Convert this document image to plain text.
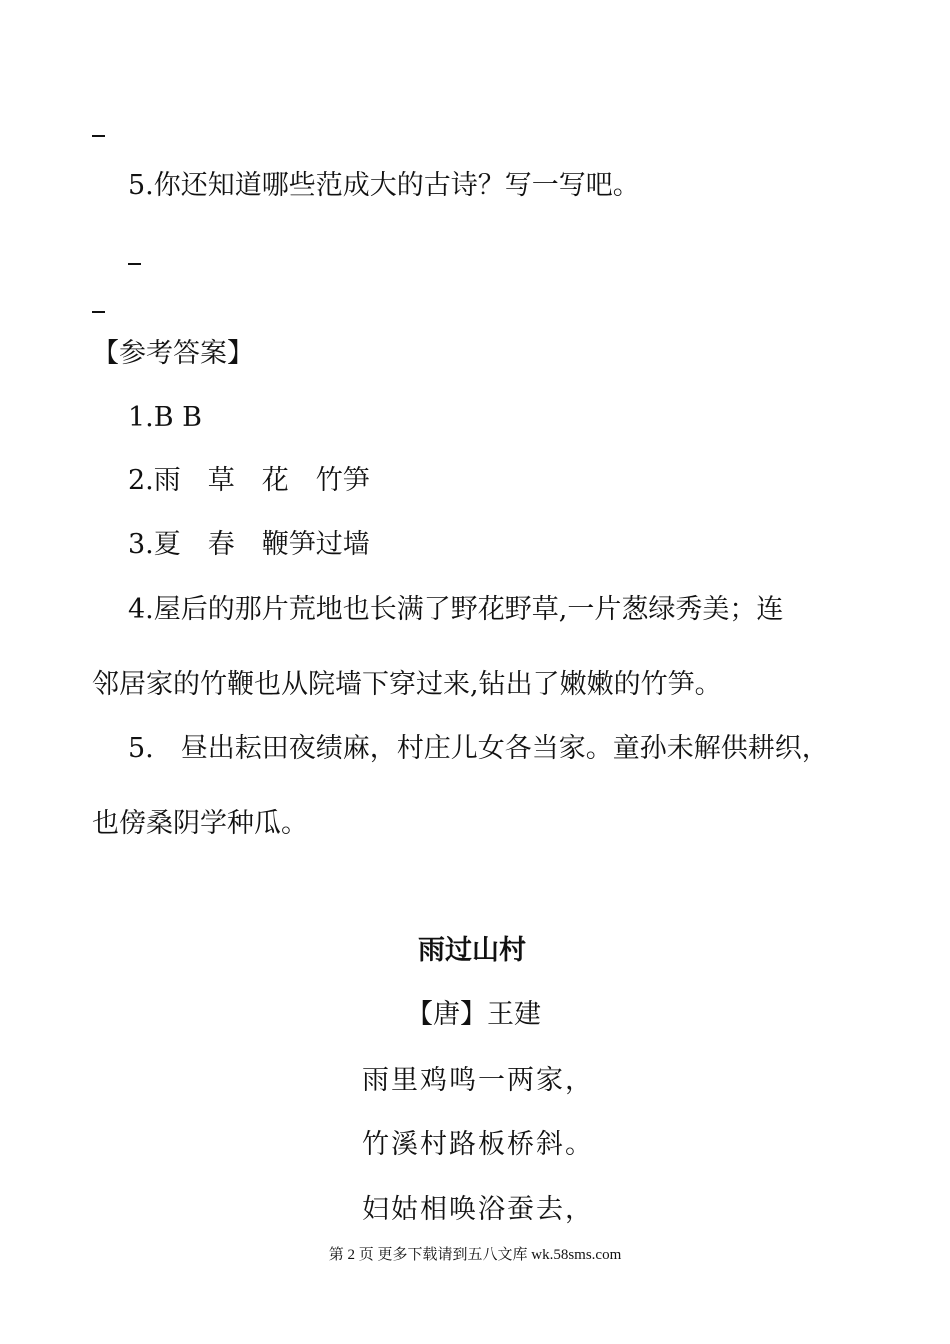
5.你还知道哪些范成大的古诗？写一写吧。
【参考答案】
1.B B
2.雨　草　花　竹笋
3.夏　春　鞭笋过墙
4.屋后的那片荒地也长满了野花野草,一片葱绿秀美；连
邻居家的竹鞭也从院墙下穿过来,钻出了嫩嫩的竹笋。
5.　昼出耘田夜绩麻，村庄儿女各当家。童孙未解供耕织，
也傍桑阴学种瓜。
雨过山村
【唐】王建
雨里鸡鸣一两家，
竹溪村路板桥斜。
妇姑相唤浴蚕去，
第 2 页 更多下载请到五八文库 wk.58sms.com
